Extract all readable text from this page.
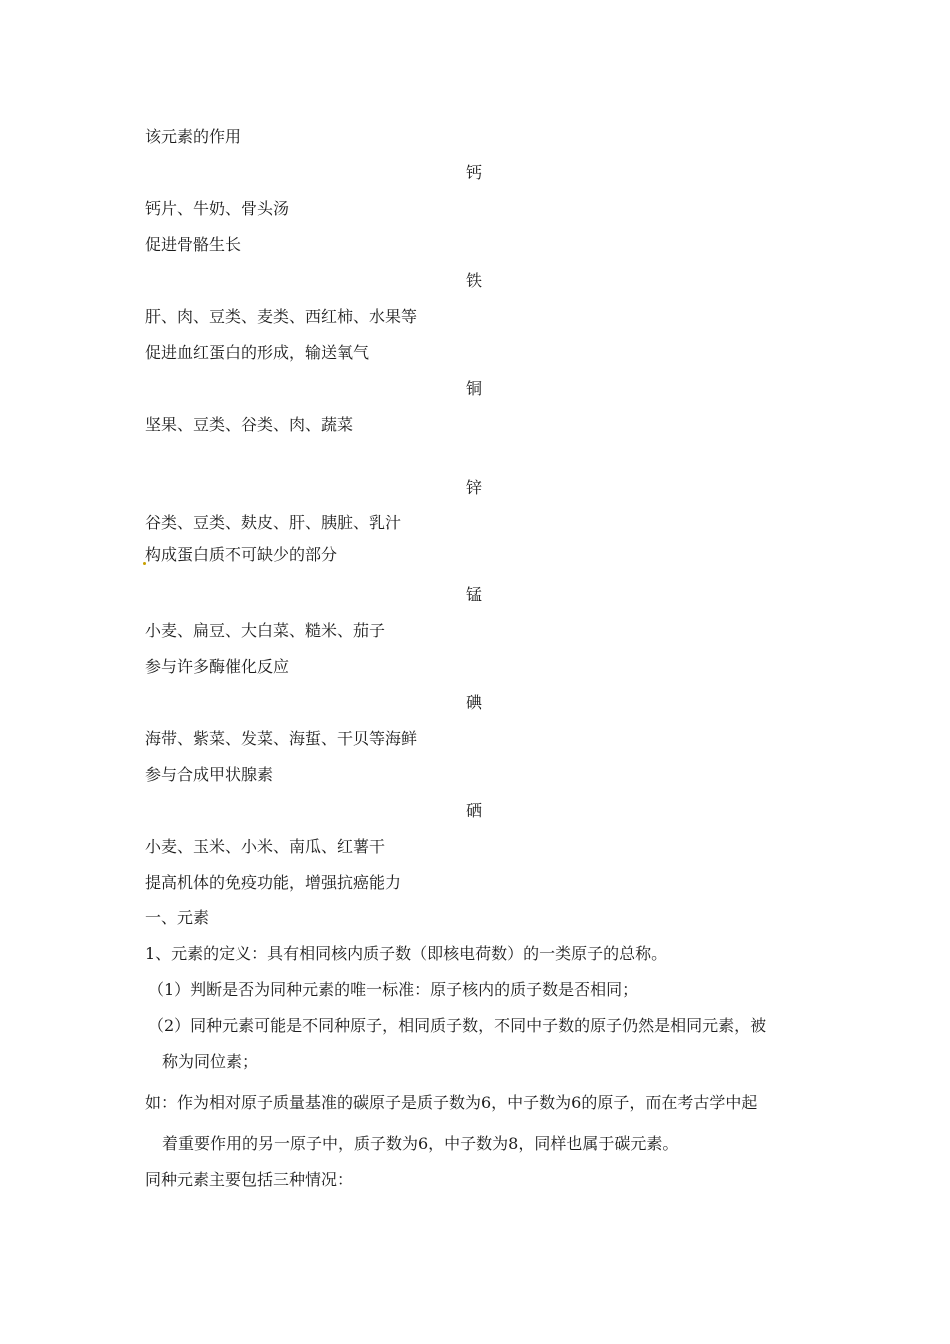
该元素的作用
钙
钙片、牛奶、骨头汤
促进骨骼生长
铁
肝、肉、豆类、麦类、西红柿、水果等
促进血红蛋白的形成，输送氧气
铜
坚果、豆类、谷类、肉、蔬菜
锌
谷类、豆类、麸皮、肝、胰脏、乳汁
构成蛋白质不可缺少的部分
锰
小麦、扁豆、大白菜、糙米、茄子
参与许多酶催化反应
碘
海带、紫菜、发菜、海蜇、干贝等海鲜
参与合成甲状腺素
硒
小麦、玉米、小米、南瓜、红薯干
提高机体的免疫功能，增强抗癌能力
一、元素
1、元素的定义：具有相同核内质子数（即核电荷数）的一类原子的总称。
（1）判断是否为同种元素的唯一标准：原子核内的质子数是否相同；
（2）同种元素可能是不同种原子，相同质子数，不同中子数的原子仍然是相同元素，被
称为同位素；
如：作为相对原子质量基准的碳原子是质子数为6，中子数为6的原子，而在考古学中起
着重要作用的另一原子中，质子数为6，中子数为8，同样也属于碳元素。
同种元素主要包括三种情况：
